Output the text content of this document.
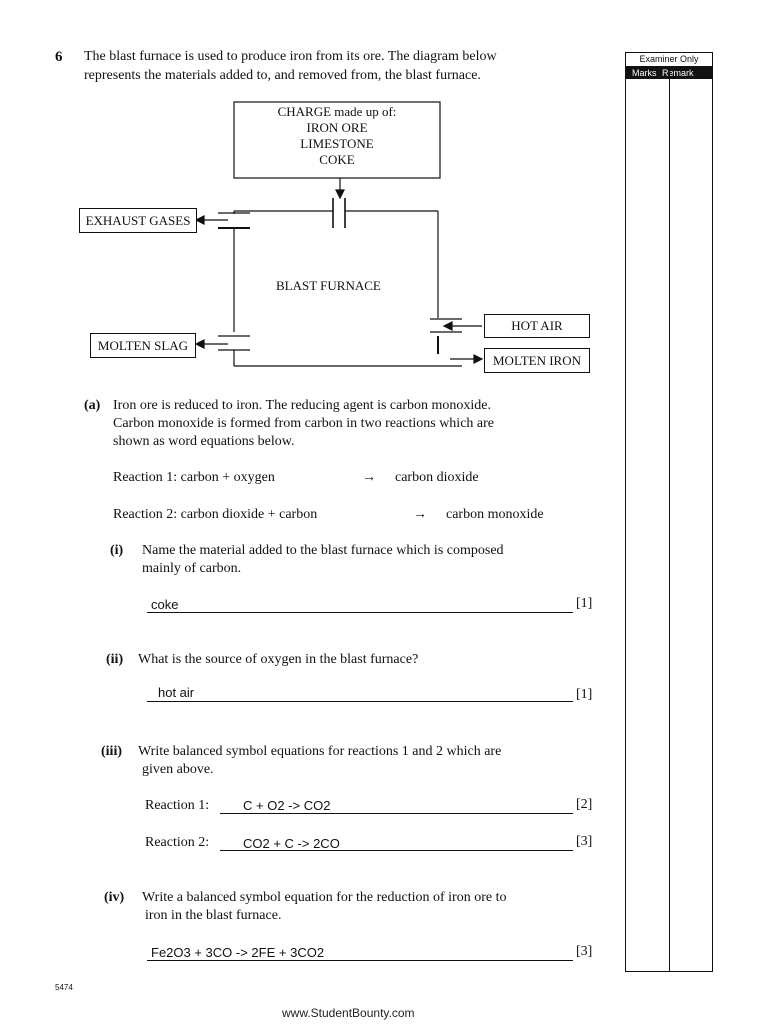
6 The blast furnace is used to produce iron from its ore. The diagram below
represents the materials added to, and removed from, the blast furnace.
Examiner Only
Marks Remark
CHARGE made up of:
IRON ORE
LIMESTONE
COKE
EXHAUST GASES
BLAST FURNACE
HOT AIR
MOLTEN SLAG
MOLTEN IRON
(a) Iron ore is reduced to iron. The reducing agent is carbon monoxide.
Carbon monoxide is formed from carbon in two reactions which are
shown as word equations below.
Reaction 1: carbon + oxygen	→ carbon dioxide
Reaction 2: carbon dioxide + carbon	→ carbon monoxide
(i) Name the material added to the blast furnace which is composed
mainly of carbon.
coke	[1]
(ii) What is the source of oxygen in the blast furnace?
hot air	[1]
(iii) Write balanced symbol equations for reactions 1 and 2 which are
given above.
Reaction 1:	C + O2 -> CO2	[2]
Reaction 2:	CO2 + C -> 2CO	[3]
(iv) Write a balanced symbol equation for the reduction of iron ore to
iron in the blast furnace.
Fe2O3 + 3CO -> 2FE + 3CO2	[3]
5474
www.StudentBounty.com
